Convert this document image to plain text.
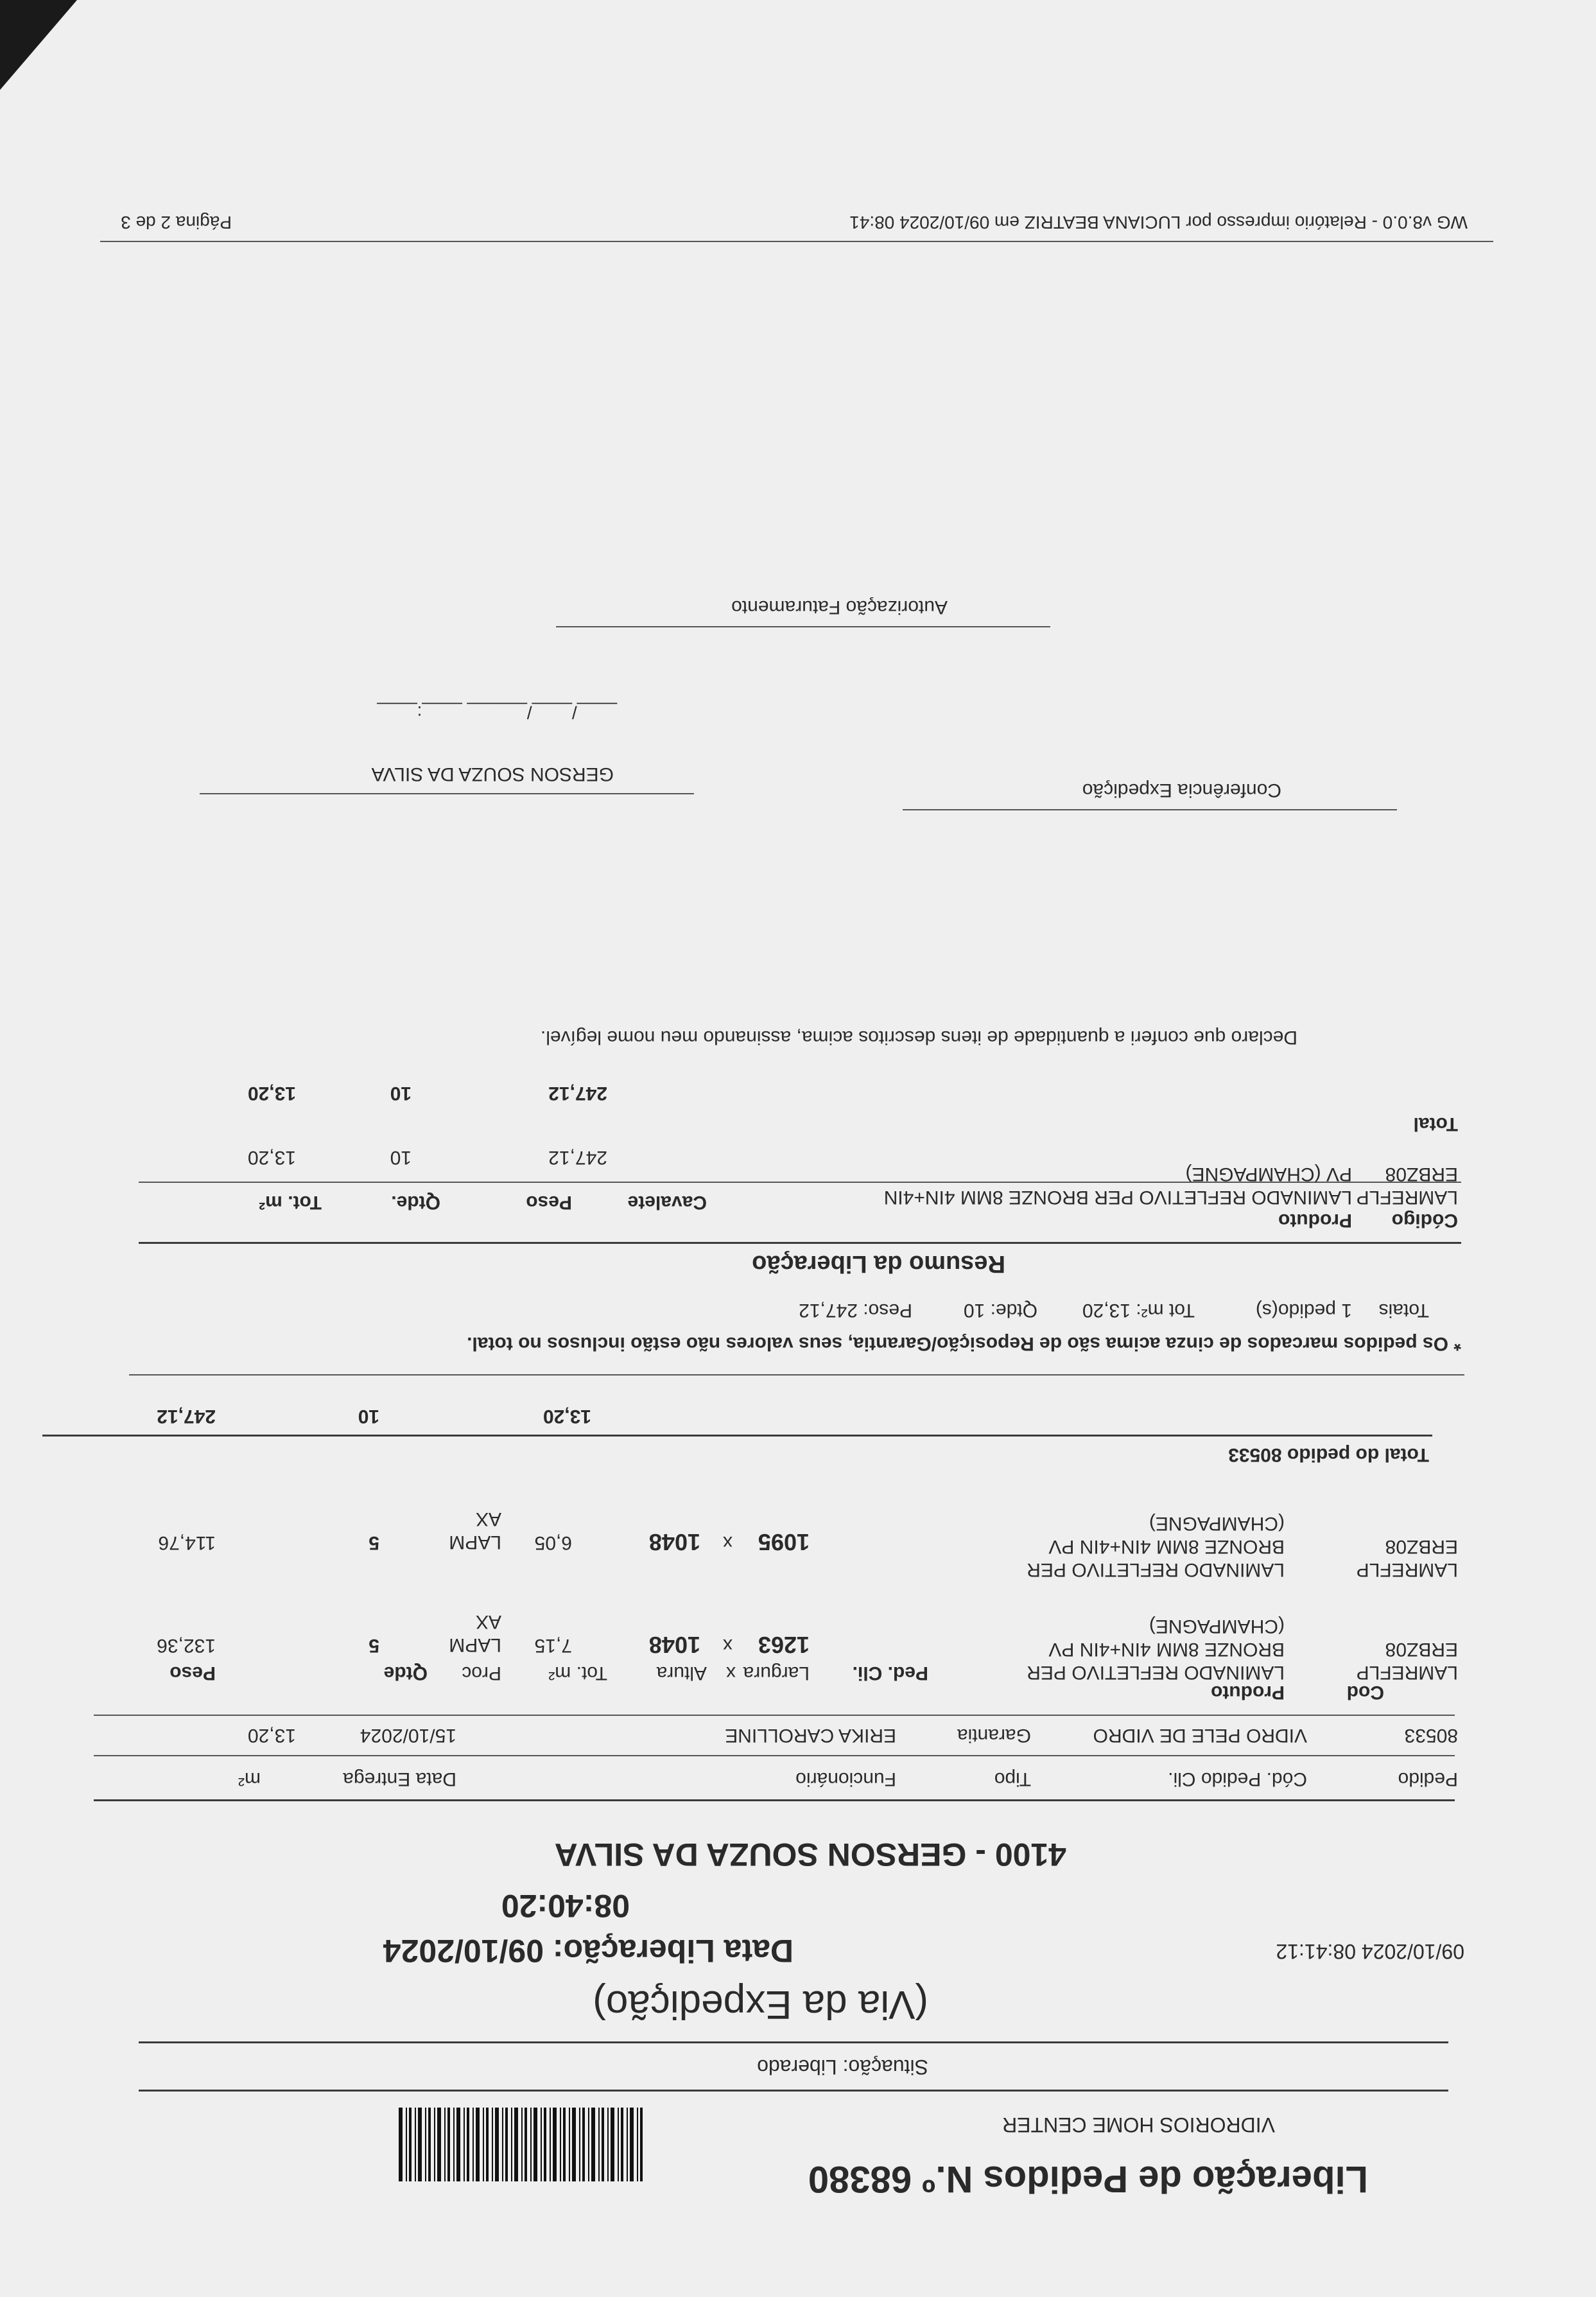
Liberação de Pedidos N.º 68380
VIDRORIOS HOME CENTER
Situação: Liberado
(Via da Expedição)
09/10/2024 08:41:12
Data Liberação: 09/10/2024
08:40:20
4100 - GERSON SOUZA DA SILVA
Pedido
Cód. Pedido Cli.
Tipo
Funcionário
Data Entrega
m²
80533
VIDRO PELE DE VIDRO
Garantia
ERIKA CAROLLINE
15/10/2024
13,20
Cod
Produto
Ped. Cli.
Largura
x
Altura
Tot. m²
Proc
Qtde
Peso	LAMREFLP ERBZ08
LAMINADO REFLETIVO PER BRONZE 8MM 4IN+4IN PV (CHAMPAGNE)
1263
x
1048
7,15
LAPM AX
5
132,36
LAMREFLP ERBZ08
LAMINADO REFLETIVO PER BRONZE 8MM 4IN+4IN PV (CHAMPAGNE)
1095
x
1048
6,05
LAPM AX
5
114,76
Total do pedido 80533
13,20
10
247,12
* Os pedidos marcados de cinza acima são de Reposição/Garantia, seus valores não estão inclusos no total.
Totais
1 pedido(s)
Tot m²: 13,20
Qtde: 10
Peso: 247,12
Resumo da Liberação
Código
Produto
Cavalete
Peso
Qtde.
Tot. m²	LAMREFLP ERBZ08
LAMINADO REFLETIVO PER BRONZE 8MM 4IN+4IN PV (CHAMPAGNE)
247,12
10
13,20
Total
247,12
10
13,20
Declaro que conferi a quantidade de itens descritos acima, assinando meu nome legível.
Conferência Expedição
GERSON SOUZA DA SILVA
____/____/______ ____:____
Autorização Faturamento
WG v8.0.0 - Relatório impresso por LUCIANA BEATRIZ em 09/10/2024 08:41
Página 2 de 3
